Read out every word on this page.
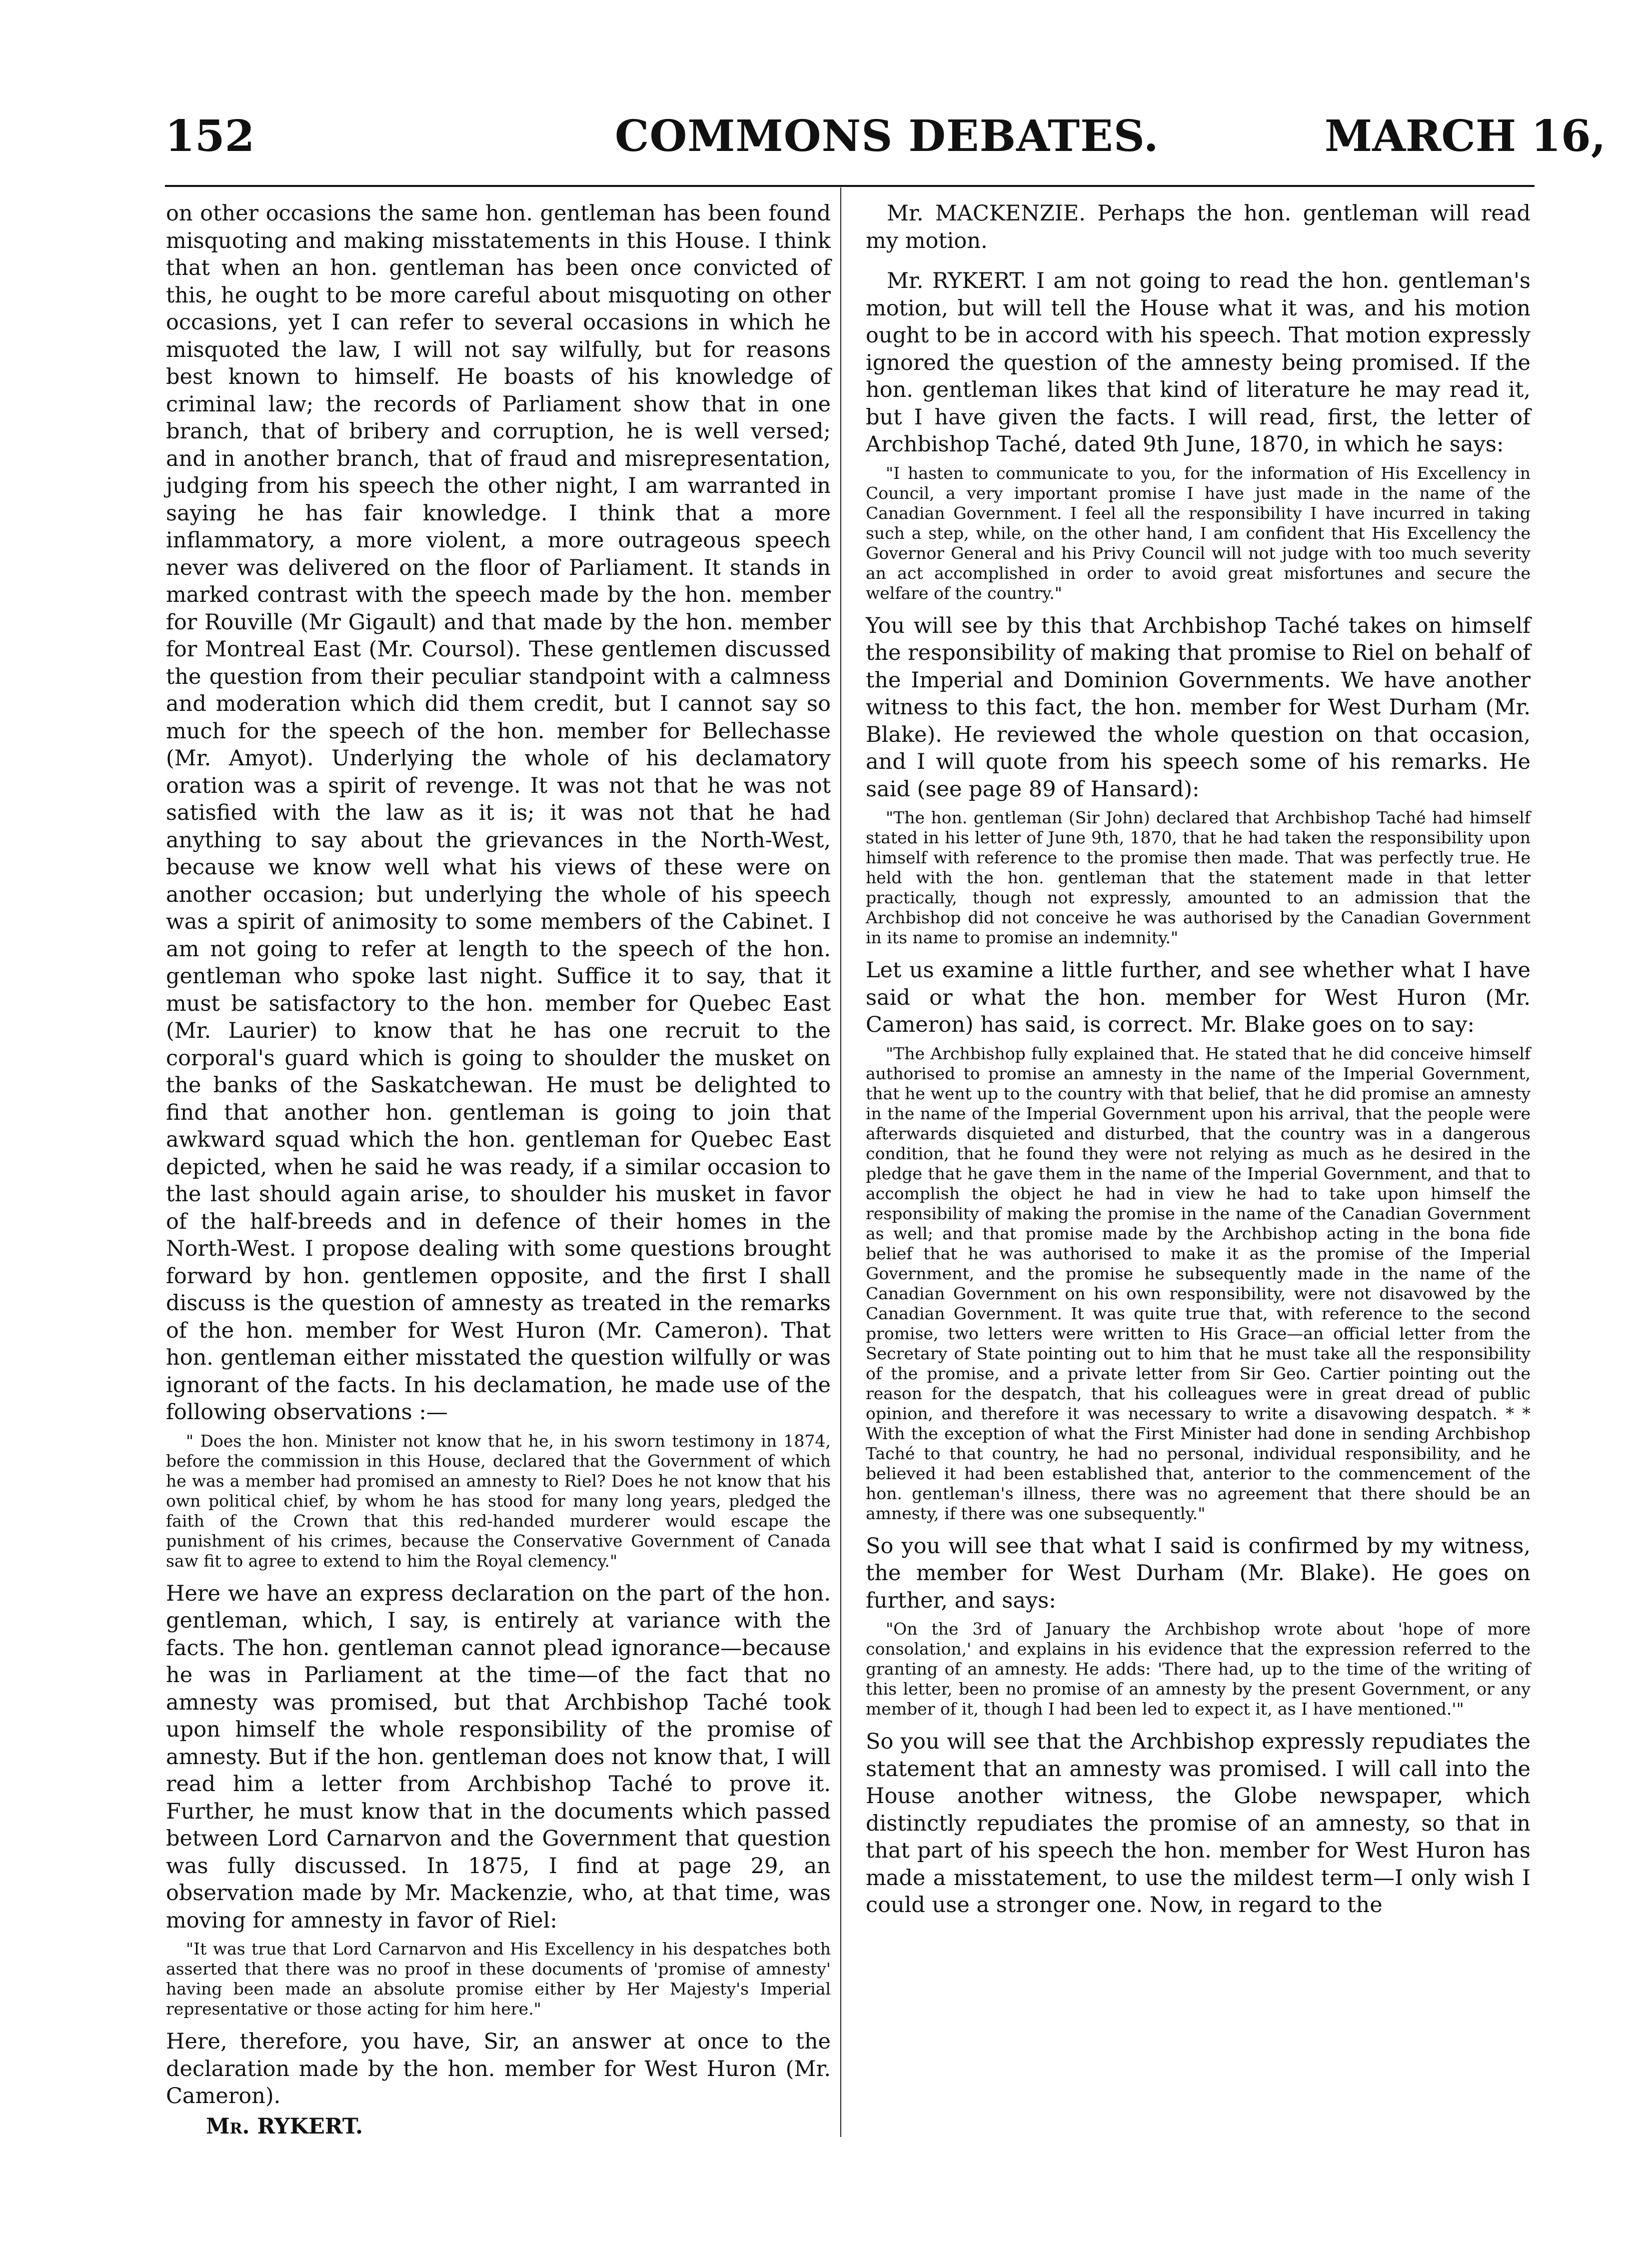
152	COMMONS DEBATES.	MARCH 16,

on other occasions the same hon. gentleman has been found misquoting and making misstatements in this House. I think that when an hon. gentleman has been once convicted of this, he ought to be more careful about misquoting on other occasions, yet I can refer to several occasions in which he misquoted the law, I will not say wilfully, but for reasons best known to himself. He boasts of his knowledge of criminal law; the records of Parliament show that in one branch, that of bribery and corruption, he is well versed; and in another branch, that of fraud and misrepresentation, judging from his speech the other night, I am warranted in saying he has fair knowledge. I think that a more inflammatory, a more violent, a more outrageous speech never was delivered on the floor of Parliament. It stands in marked contrast with the speech made by the hon. member for Rouville (Mr Gigault) and that made by the hon. member for Montreal East (Mr. Coursol). These gentlemen discussed the question from their peculiar standpoint with a calmness and moderation which did them credit, but I cannot say so much for the speech of the hon. member for Bellechasse (Mr. Amyot). Underlying the whole of his declamatory oration was a spirit of revenge. It was not that he was not satisfied with the law as it is; it was not that he had anything to say about the grievances in the North-West, because we know well what his views of these were on another occasion; but underlying the whole of his speech was a spirit of animosity to some members of the Cabinet. I am not going to refer at length to the speech of the hon. gentleman who spoke last night. Suffice it to say, that it must be satisfactory to the hon. member for Quebec East (Mr. Laurier) to know that he has one recruit to the corporal's guard which is going to shoulder the musket on the banks of the Saskatchewan. He must be delighted to find that another hon. gentleman is going to join that awkward squad which the hon. gentleman for Quebec East depicted, when he said he was ready, if a similar occasion to the last should again arise, to shoulder his musket in favor of the half-breeds and in defence of their homes in the North-West. I propose dealing with some questions brought forward by hon. gentlemen opposite, and the first I shall discuss is the question of amnesty as treated in the remarks of the hon. member for West Huron (Mr. Cameron). That hon. gentleman either misstated the question wilfully or was ignorant of the facts. In his declamation, he made use of the following observations :—

" Does the hon. Minister not know that he, in his sworn testimony in 1874, before the commission in this House, declared that the Government of which he was a member had promised an amnesty to Riel? Does he not know that his own political chief, by whom he has stood for many long years, pledged the faith of the Crown that this red-handed murderer would escape the punishment of his crimes, because the Conservative Government of Canada saw fit to agree to extend to him the Royal clemency."

Here we have an express declaration on the part of the hon. gentleman, which, I say, is entirely at variance with the facts. The hon. gentleman cannot plead ignorance—because he was in Parliament at the time—of the fact that no amnesty was promised, but that Archbishop Taché took upon himself the whole responsibility of the promise of amnesty. But if the hon. gentleman does not know that, I will read him a letter from Archbishop Taché to prove it. Further, he must know that in the documents which passed between Lord Carnarvon and the Government that question was fully discussed. In 1875, I find at page 29, an observation made by Mr. Mackenzie, who, at that time, was moving for amnesty in favor of Riel:

"It was true that Lord Carnarvon and His Excellency in his despatches both asserted that there was no proof in these documents of 'promise of amnesty' having been made an absolute promise either by Her Majesty's Imperial representative or those acting for him here."

Here, therefore, you have, Sir, an answer at once to the declaration made by the hon. member for West Huron (Mr. Cameron).

Mr. RYKERT.

Mr. MACKENZIE. Perhaps the hon. gentleman will read my motion.

Mr. RYKERT. I am not going to read the hon. gentleman's motion, but will tell the House what it was, and his motion ought to be in accord with his speech. That motion expressly ignored the question of the amnesty being promised. If the hon. gentleman likes that kind of literature he may read it, but I have given the facts. I will read, first, the letter of Archbishop Taché, dated 9th June, 1870, in which he says:

"I hasten to communicate to you, for the information of His Excellency in Council, a very important promise I have just made in the name of the Canadian Government. I feel all the responsibility I have incurred in taking such a step, while, on the other hand, I am confident that His Excellency the Governor General and his Privy Council will not judge with too much severity an act accomplished in order to avoid great misfortunes and secure the welfare of the country."

You will see by this that Archbishop Taché takes on himself the responsibility of making that promise to Riel on behalf of the Imperial and Dominion Governments. We have another witness to this fact, the hon. member for West Durham (Mr. Blake). He reviewed the whole question on that occasion, and I will quote from his speech some of his remarks. He said (see page 89 of Hansard):

"The hon. gentleman (Sir John) declared that Archbishop Taché had himself stated in his letter of June 9th, 1870, that he had taken the responsibility upon himself with reference to the promise then made. That was perfectly true. He held with the hon. gentleman that the statement made in that letter practically, though not expressly, amounted to an admission that the Archbishop did not conceive he was authorised by the Canadian Government in its name to promise an indemnity."

Let us examine a little further, and see whether what I have said or what the hon. member for West Huron (Mr. Cameron) has said, is correct. Mr. Blake goes on to say:

"The Archbishop fully explained that. He stated that he did conceive himself authorised to promise an amnesty in the name of the Imperial Government, that he went up to the country with that belief, that he did promise an amnesty in the name of the Imperial Government upon his arrival, that the people were afterwards disquieted and disturbed, that the country was in a dangerous condition, that he found they were not relying as much as he desired in the pledge that he gave them in the name of the Imperial Government, and that to accomplish the object he had in view he had to take upon himself the responsibility of making the promise in the name of the Canadian Government as well; and that promise made by the Archbishop acting in the bona fide belief that he was authorised to make it as the promise of the Imperial Government, and the promise he subsequently made in the name of the Canadian Government on his own responsibility, were not disavowed by the Canadian Government. It was quite true that, with reference to the second promise, two letters were written to His Grace—an official letter from the Secretary of State pointing out to him that he must take all the responsibility of the promise, and a private letter from Sir Geo. Cartier pointing out the reason for the despatch, that his colleagues were in great dread of public opinion, and therefore it was necessary to write a disavowing despatch. * * With the exception of what the First Minister had done in sending Archbishop Taché to that country, he had no personal, individual responsibility, and he believed it had been established that, anterior to the commencement of the hon. gentleman's illness, there was no agreement that there should be an amnesty, if there was one subsequently."

So you will see that what I said is confirmed by my witness, the member for West Durham (Mr. Blake). He goes on further, and says:

"On the 3rd of January the Archbishop wrote about 'hope of more consolation,' and explains in his evidence that the expression referred to the granting of an amnesty. He adds: 'There had, up to the time of the writing of this letter, been no promise of an amnesty by the present Government, or any member of it, though I had been led to expect it, as I have mentioned.'"

So you will see that the Archbishop expressly repudiates the statement that an amnesty was promised. I will call into the House another witness, the Globe newspaper, which distinctly repudiates the promise of an amnesty, so that in that part of his speech the hon. member for West Huron has made a misstatement, to use the mildest term—I only wish I could use a stronger one. Now, in regard to the
